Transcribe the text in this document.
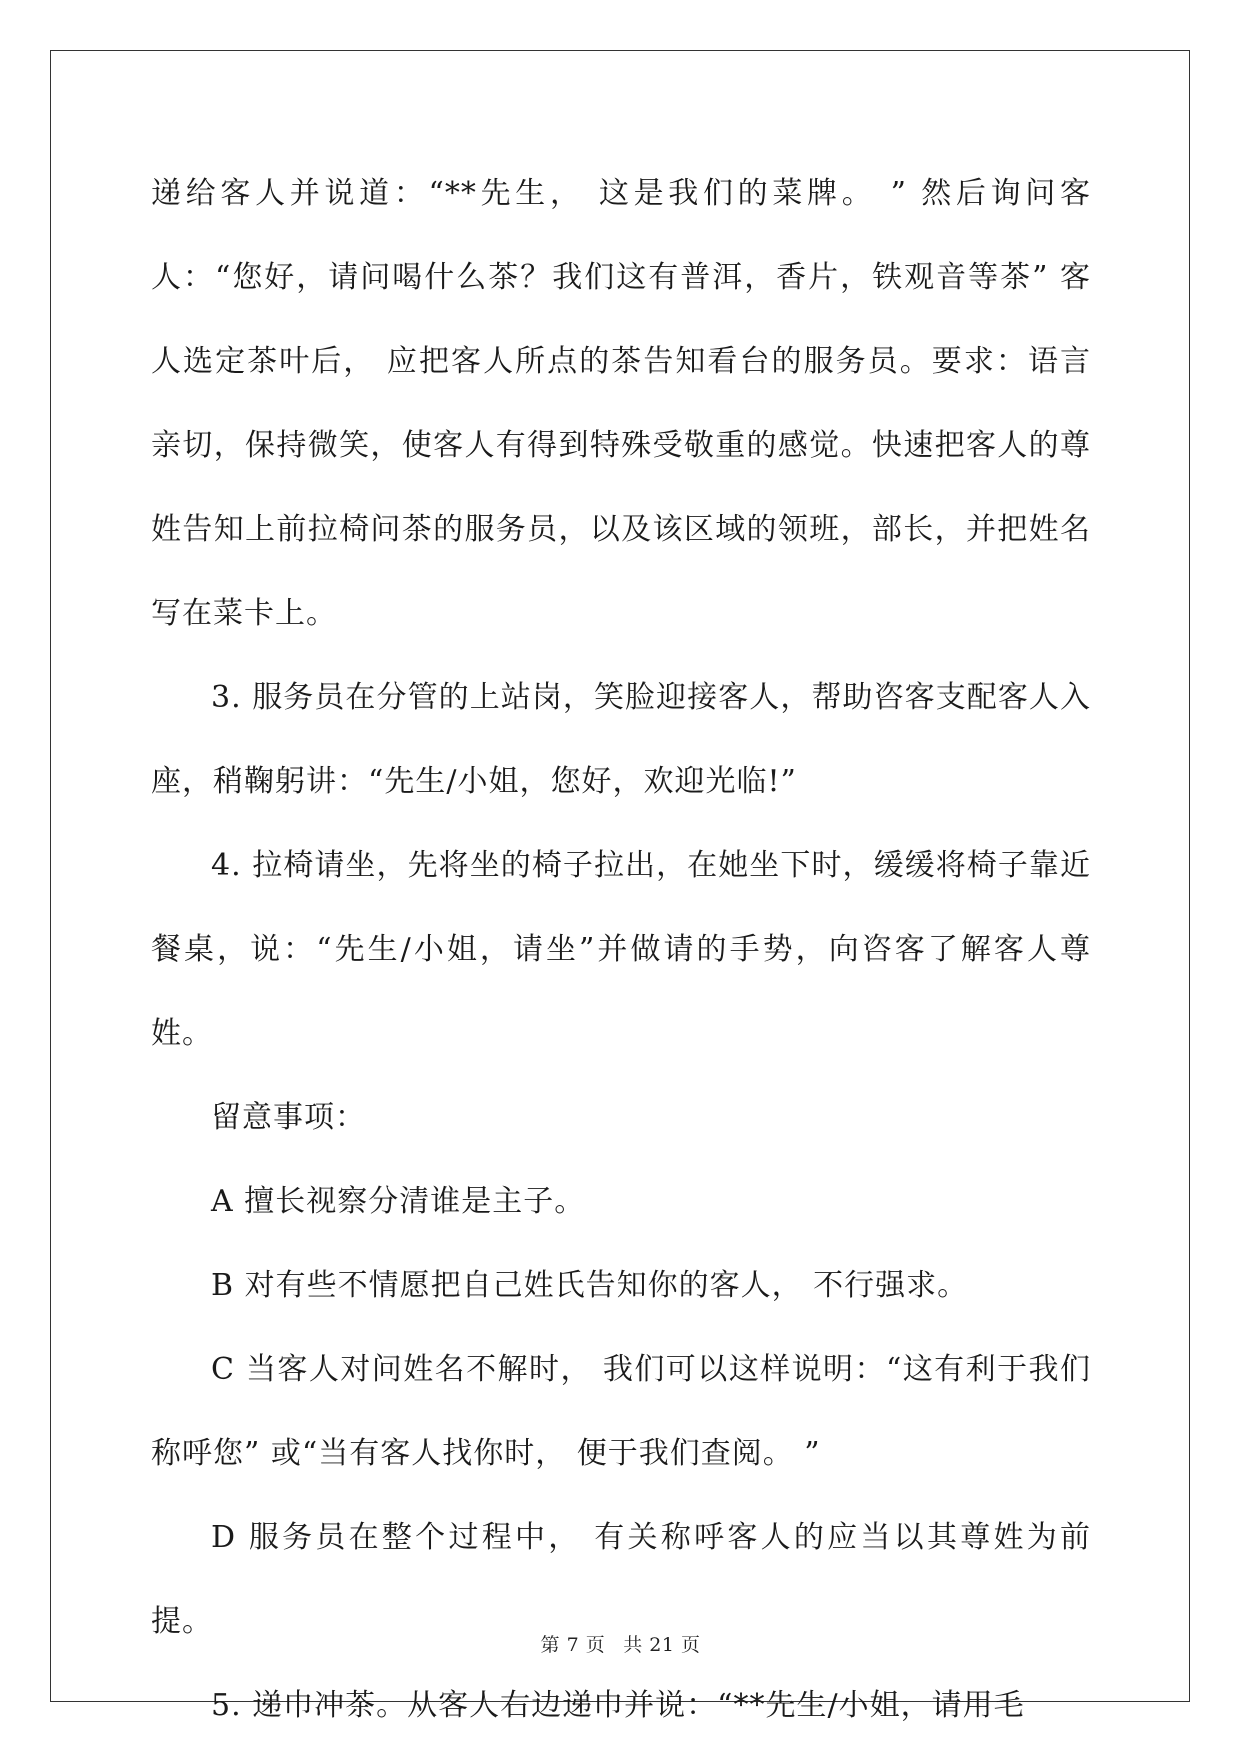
递给客人并说道：“**先生， 这是我们的菜牌。 ” 然后询问客人：“您好，请问喝什么茶？我们这有普洱，香片，铁观音等茶” 客人选定茶叶后， 应把客人所点的茶告知看台的服务员。要求：语言亲切，保持微笑，使客人有得到特殊受敬重的感觉。快速把客人的尊姓告知上前拉椅问茶的服务员，以及该区域的领班，部长，并把姓名写在菜卡上。

3. 服务员在分管的上站岗，笑脸迎接客人，帮助咨客支配客人入座，稍鞠躬讲：“先生/小姐，您好，欢迎光临!”

4. 拉椅请坐，先将坐的椅子拉出，在她坐下时，缓缓将椅子靠近餐桌，说：“先生/小姐，请坐”并做请的手势，向咨客了解客人尊姓。

留意事项：

A 擅长视察分清谁是主子。

B 对有些不情愿把自己姓氏告知你的客人， 不行强求。

C 当客人对问姓名不解时， 我们可以这样说明：“这有利于我们称呼您” 或“当有客人找你时， 便于我们查阅。 ”

D 服务员在整个过程中， 有关称呼客人的应当以其尊姓为前提。

5. 递巾冲茶。从客人右边递巾并说：“**先生/小姐，请用毛

第 7 页 共 21 页
